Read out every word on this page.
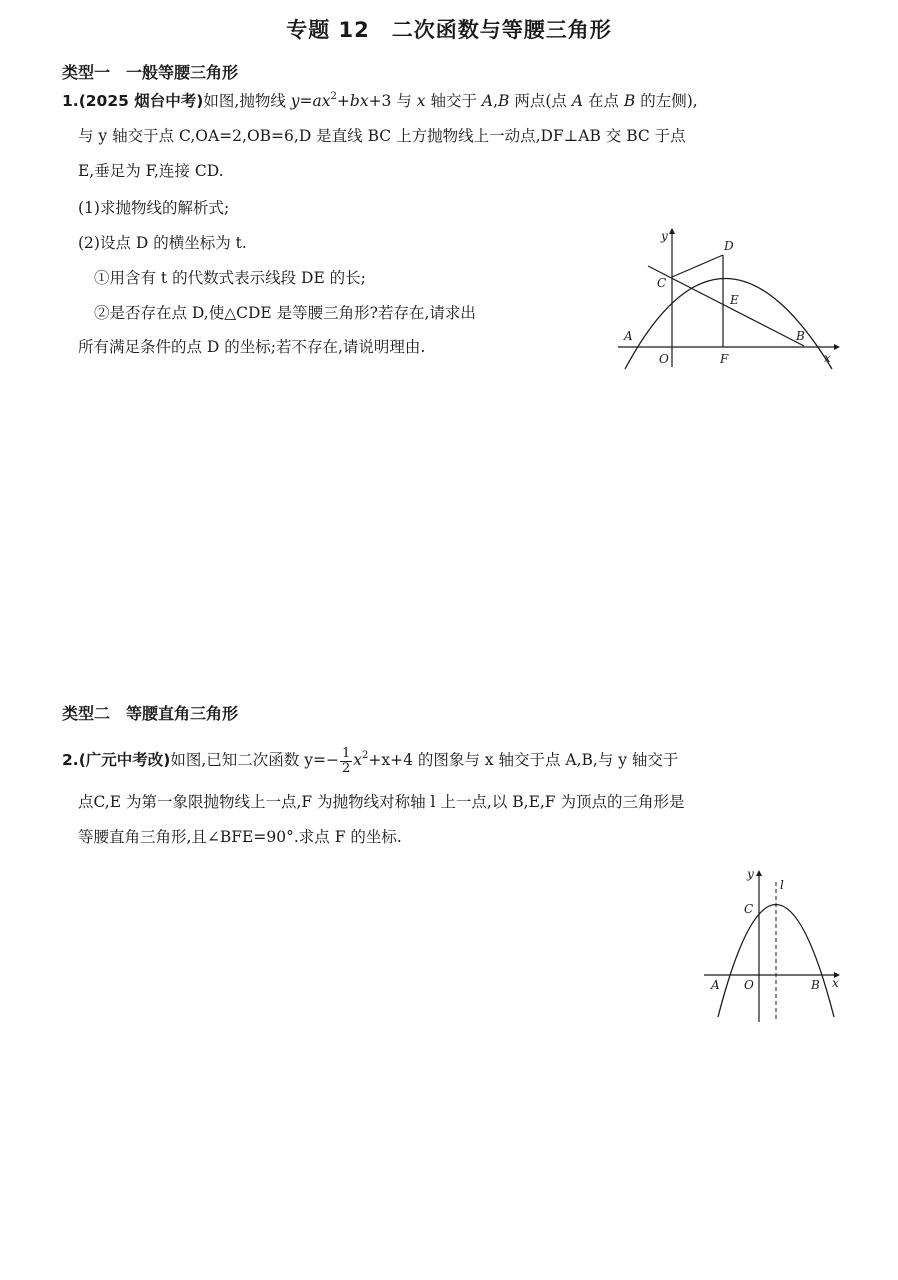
专题 12　二次函数与等腰三角形
类型一　一般等腰三角形
1.(2025 烟台中考)如图,抛物线 $y=ax^2+bx+3$ 与 x 轴交于 A,B 两点(点 A 在点 B 的左侧),
与 y 轴交于点 C,OA=2,OB=6,D 是直线 BC 上方抛物线上一动点,DF⊥AB 交 BC 于点
E,垂足为 F,连接 CD.
(1)求抛物线的解析式;
(2)设点 D 的横坐标为 t.
①用含有 t 的代数式表示线段 DE 的长;
②是否存在点 D,使△CDE 是等腰三角形?若存在,请求出
所有满足条件的点 D 的坐标;若不存在,请说明理由.
y
x
O
A	B
C
D
E
F
类型二　等腰直角三角形
2.(广元中考改)如图,已知二次函数 $y=- \frac{1}{2} x^2+x+4$ 的图象与 x 轴交于点 A,B,与 y 轴交于
点C,E 为第一象限抛物线上一点,F 为抛物线对称轴 l 上一点,以 B,E,F 为顶点的三角形是
等腰直角三角形,且∠BFE=90°.求点 F 的坐标.
y
l
C
A O	B x
